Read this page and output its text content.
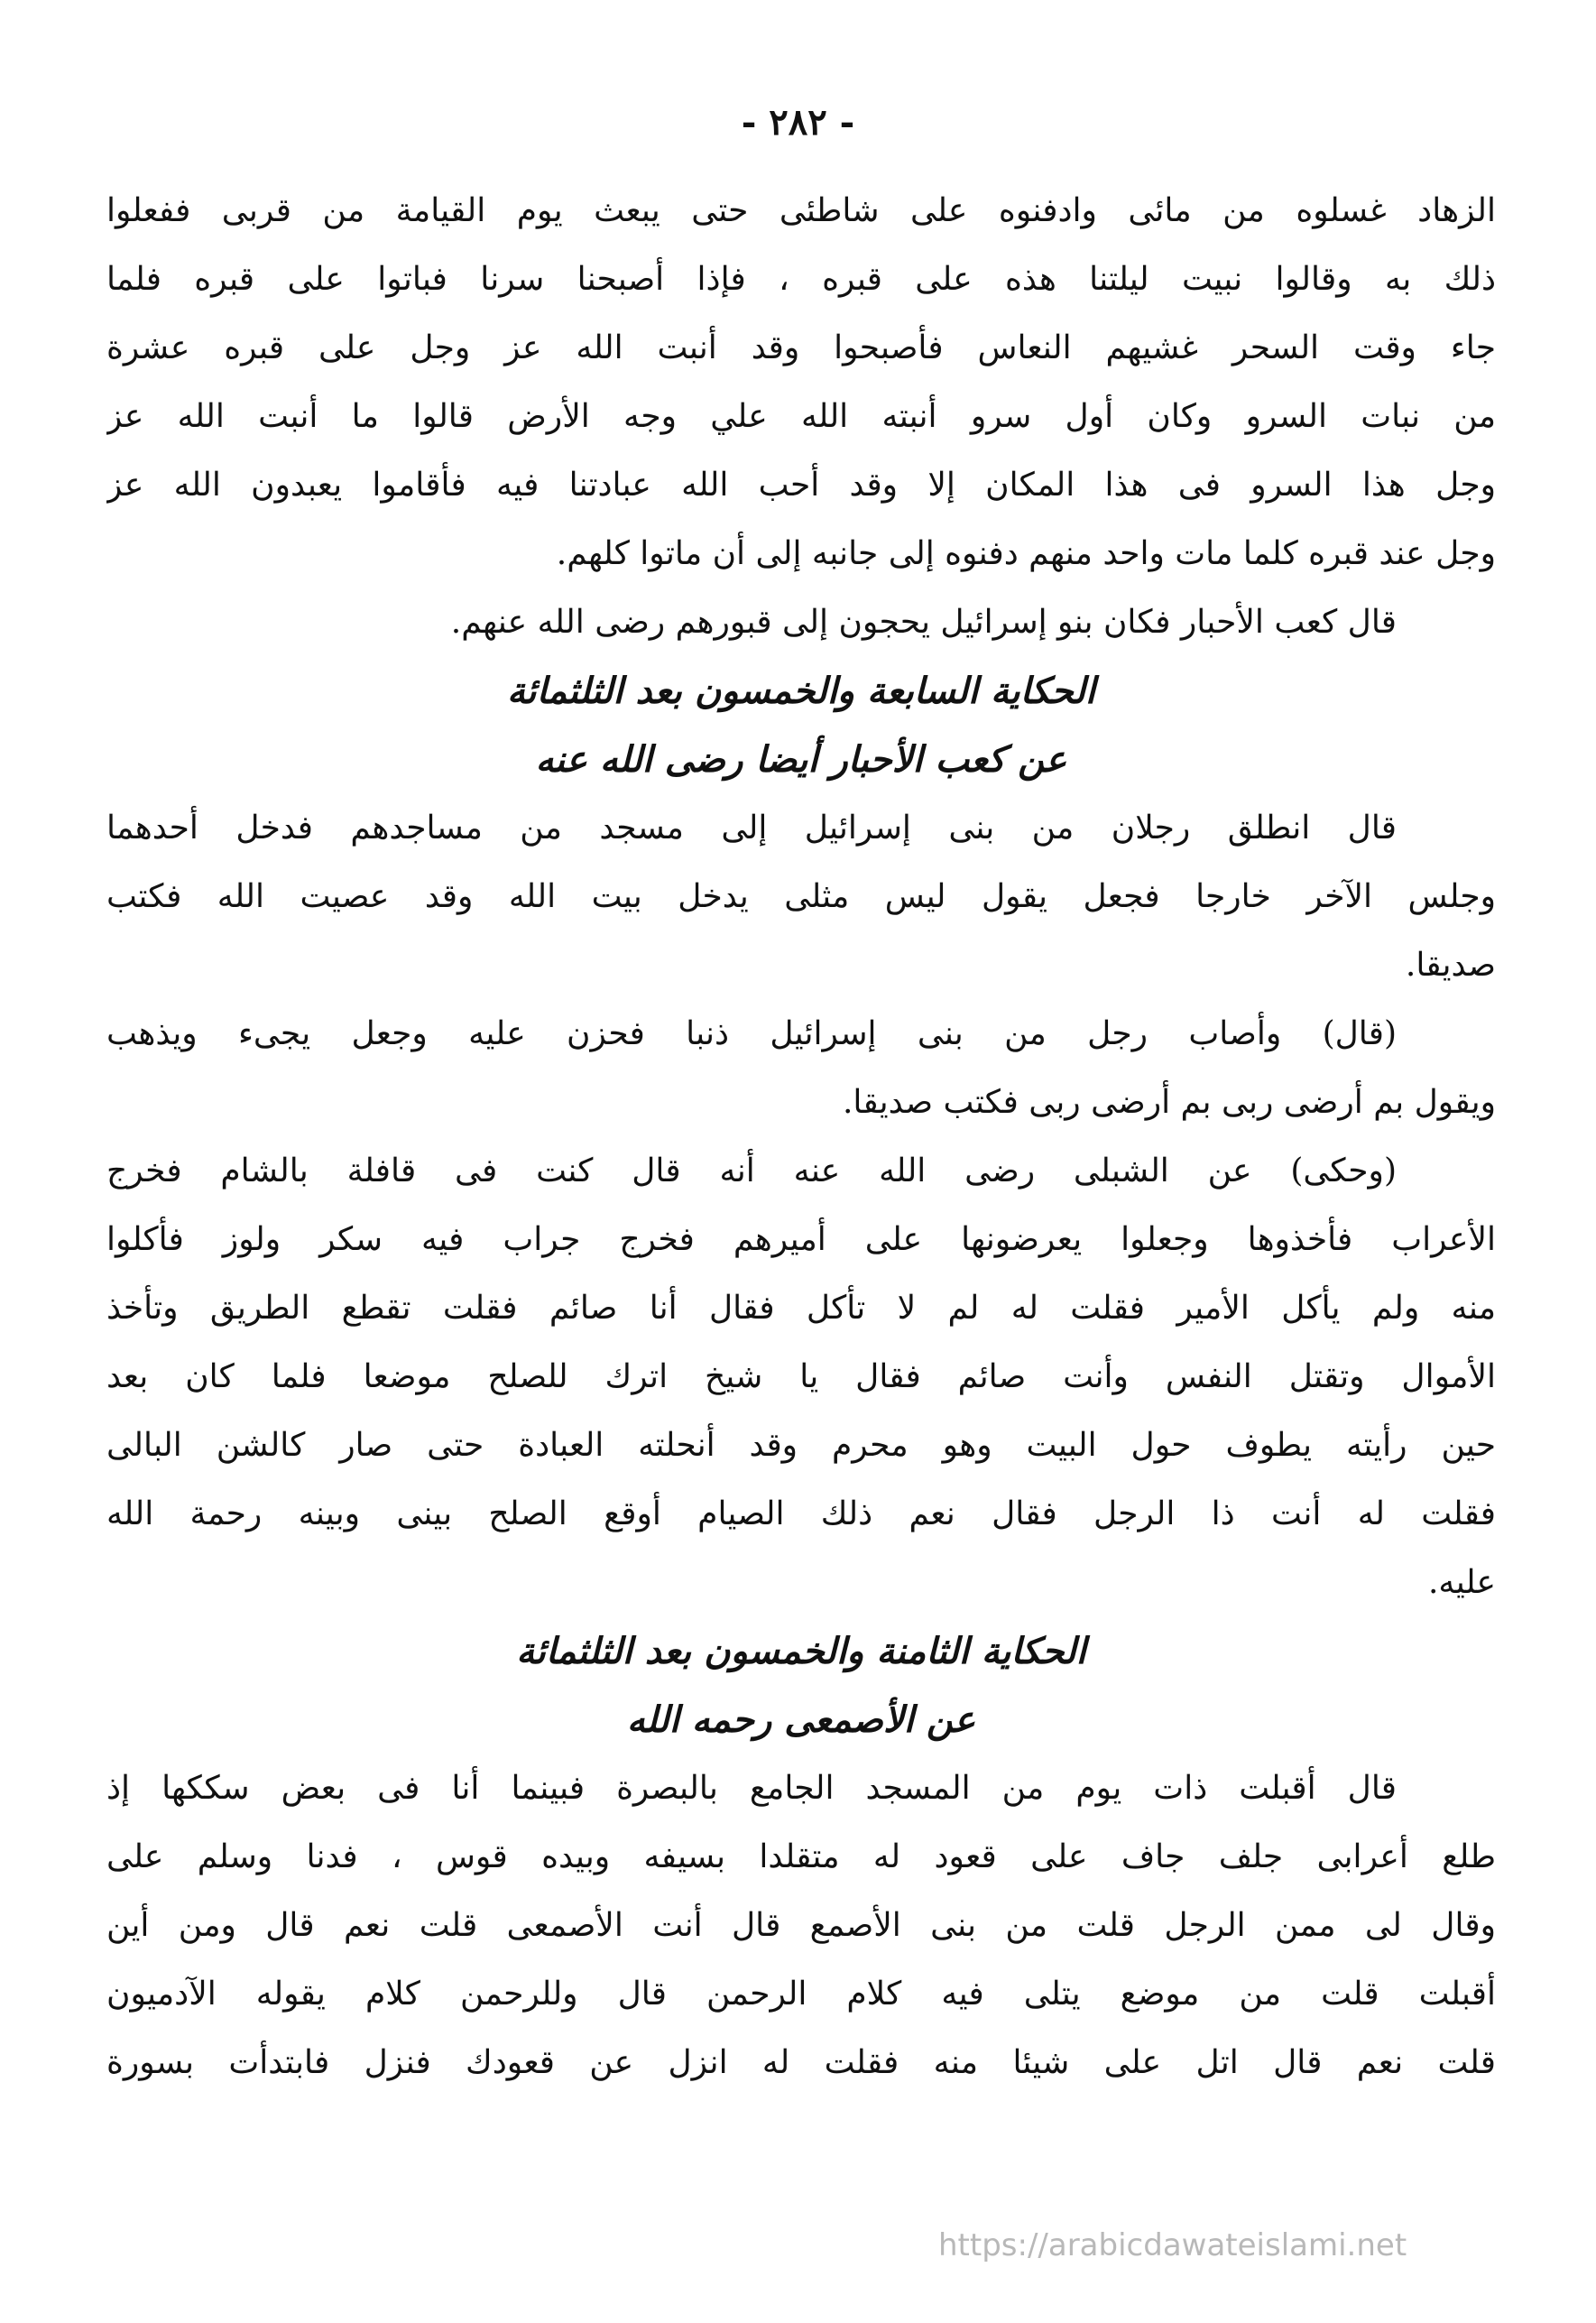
- ٢٨٢ -
الزهاد غسلوه من مائى وادفنوه على شاطئى حتى يبعث يوم القيامة من قربى ففعلوا
ذلك به وقالوا نبيت ليلتنا هذه على قبره ، فإذا أصبحنا سرنا فباتوا على قبره فلما
جاء وقت السحر غشيهم النعاس فأصبحوا وقد أنبت الله عز وجل على قبره عشرة
من نبات السرو وكان أول سرو أنبته الله علي وجه الأرض قالوا ما أنبت الله عز
وجل هذا السرو فى هذا المكان إلا وقد أحب الله عبادتنا فيه فأقاموا يعبدون الله عز
وجل عند قبره كلما مات واحد منهم دفنوه إلى جانبه إلى أن ماتوا كلهم.
قال كعب الأحبار فكان بنو إسرائيل يحجون إلى قبورهم رضى الله عنهم.
الحكاية السابعة والخمسون بعد الثلثمائة
عن كعب الأحبار أيضا رضى الله عنه
قال انطلق رجلان من بنى إسرائيل إلى مسجد من مساجدهم فدخل أحدهما
وجلس الآخر خارجا فجعل يقول ليس مثلى يدخل بيت الله وقد عصيت الله فكتب
صديقا.
(قال) وأصاب رجل من بنى إسرائيل ذنبا فحزن عليه وجعل يجىء ويذهب
ويقول بم أرضى ربى بم أرضى ربى فكتب صديقا.
(وحكى) عن الشبلى رضى الله عنه أنه قال كنت فى قافلة بالشام فخرج
الأعراب فأخذوها وجعلوا يعرضونها على أميرهم فخرج جراب فيه سكر ولوز فأكلوا
منه ولم يأكل الأمير فقلت له لم لا تأكل فقال أنا صائم فقلت تقطع الطريق وتأخذ
الأموال وتقتل النفس وأنت صائم فقال يا شيخ اترك للصلح موضعا فلما كان بعد
حين رأيته يطوف حول البيت وهو محرم وقد أنحلته العبادة حتى صار كالشن البالى
فقلت له أنت ذا الرجل فقال نعم ذلك الصيام أوقع الصلح بينى وبينه رحمة الله
عليه.
الحكاية الثامنة والخمسون بعد الثلثمائة
عن الأصمعى رحمه الله
قال أقبلت ذات يوم من المسجد الجامع بالبصرة فبينما أنا فى بعض سككها إذ
طلع أعرابى جلف جاف على قعود له متقلدا بسيفه وبيده قوس ، فدنا وسلم على
وقال لى ممن الرجل قلت من بنى الأصمع قال أنت الأصمعى قلت نعم قال ومن أين
أقبلت قلت من موضع يتلى فيه كلام الرحمن قال وللرحمن كلام يقوله الآدميون
قلت نعم قال اتل على شيئا منه فقلت له انزل عن قعودك فنزل فابتدأت بسورة
https://arabicdawateislami.net
